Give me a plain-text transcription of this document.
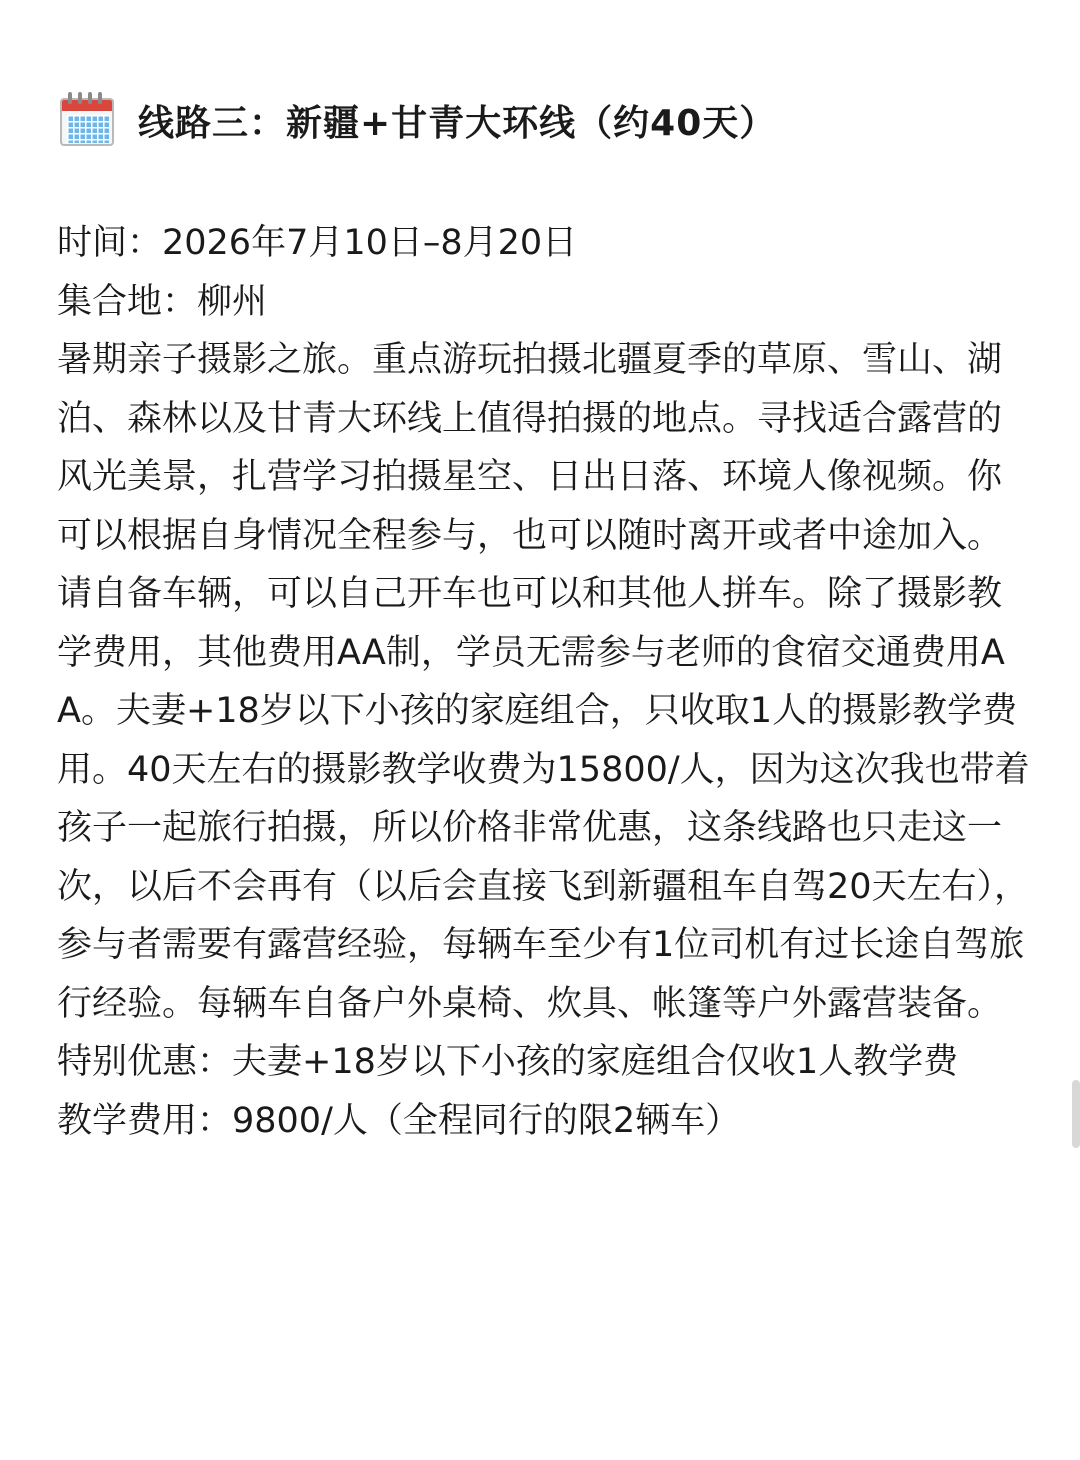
线路三：新疆+甘青大环线（约40天）
时间：2026年7月10日–8月20日
集合地：柳州
暑期亲子摄影之旅。重点游玩拍摄北疆夏季的草原、雪山、湖泊、森林以及甘青大环线上值得拍摄的地点。寻找适合露营的风光美景，扎营学习拍摄星空、日出日落、环境人像视频。你可以根据自身情况全程参与，也可以随时离开或者中途加入。请自备车辆，可以自己开车也可以和其他人拼车。除了摄影教学费用，其他费用AA制，学员无需参与老师的食宿交通费用AA。夫妻+18岁以下小孩的家庭组合，只收取1人的摄影教学费用。40天左右的摄影教学收费为15800/人，因为这次我也带着孩子一起旅行拍摄，所以价格非常优惠，这条线路也只走这一次，以后不会再有（以后会直接飞到新疆租车自驾20天左右），参与者需要有露营经验，每辆车至少有1位司机有过长途自驾旅行经验。每辆车自备户外桌椅、炊具、帐篷等户外露营装备。
特别优惠：夫妻+18岁以下小孩的家庭组合仅收1人教学费
教学费用：9800/人（全程同行的限2辆车）
